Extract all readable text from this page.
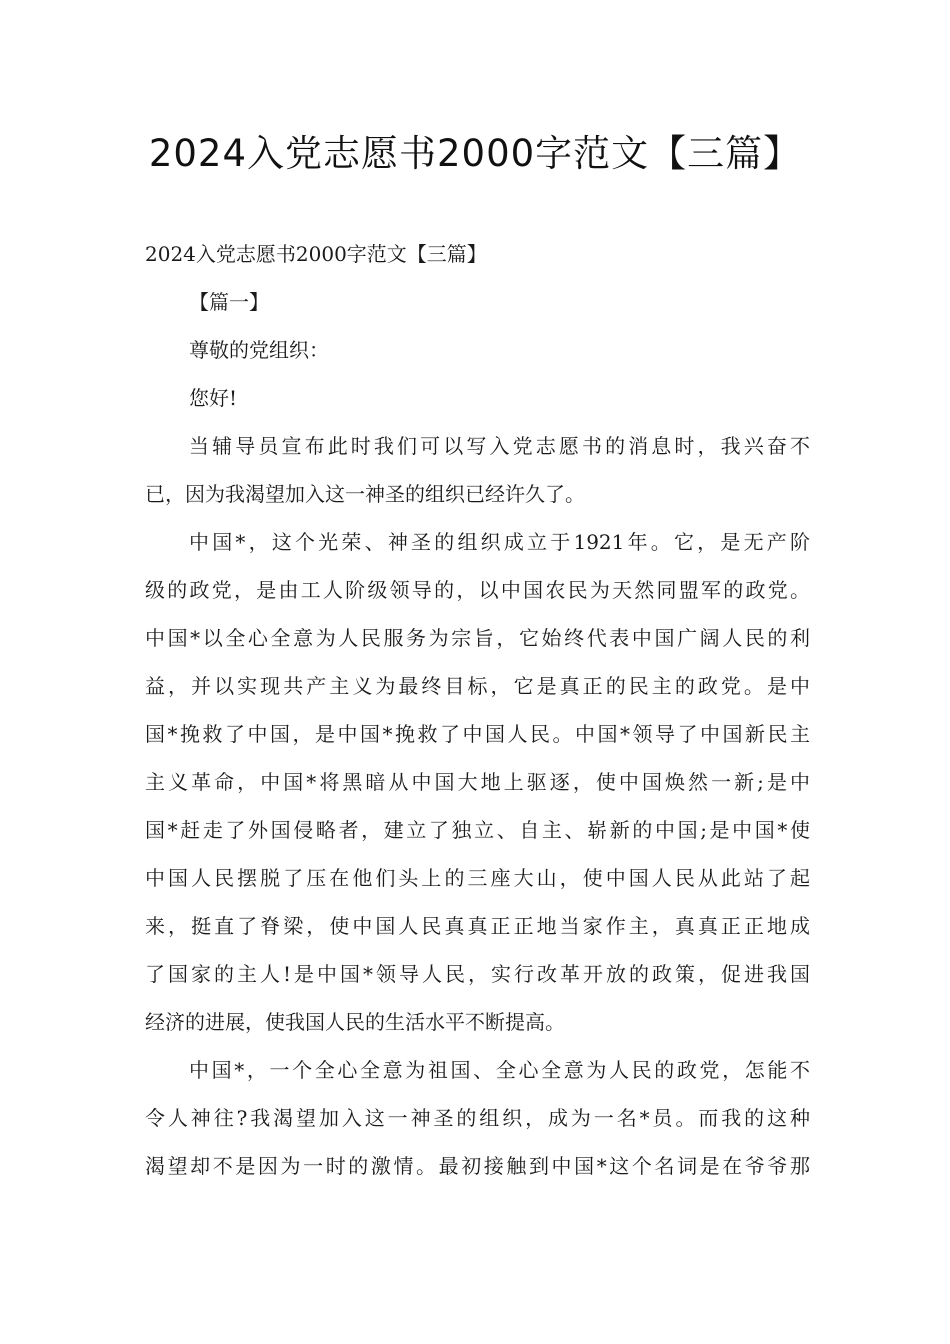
2024入党志愿书2000字范文【三篇】
2024入党志愿书2000字范文【三篇】
【篇一】
尊敬的党组织：
您好!
当辅导员宣布此时我们可以写入党志愿书的消息时，我兴奋不
已，因为我渴望加入这一神圣的组织已经许久了。
中国*，这个光荣、神圣的组织成立于1921年。它，是无产阶
级的政党，是由工人阶级领导的，以中国农民为天然同盟军的政党。
中国*以全心全意为人民服务为宗旨，它始终代表中国广阔人民的利
益，并以实现共产主义为最终目标，它是真正的民主的政党。是中
国*挽救了中国，是中国*挽救了中国人民。中国*领导了中国新民主
主义革命，中国*将黑暗从中国大地上驱逐，使中国焕然一新;是中
国*赶走了外国侵略者，建立了独立、自主、崭新的中国;是中国*使
中国人民摆脱了压在他们头上的三座大山，使中国人民从此站了起
来，挺直了脊梁，使中国人民真真正正地当家作主，真真正正地成
了国家的主人!是中国*领导人民，实行改革开放的政策，促进我国
经济的进展，使我国人民的生活水平不断提高。
中国*，一个全心全意为祖国、全心全意为人民的政党，怎能不
令人神往?我渴望加入这一神圣的组织，成为一名*员。而我的这种
渴望却不是因为一时的激情。最初接触到中国*这个名词是在爷爷那
